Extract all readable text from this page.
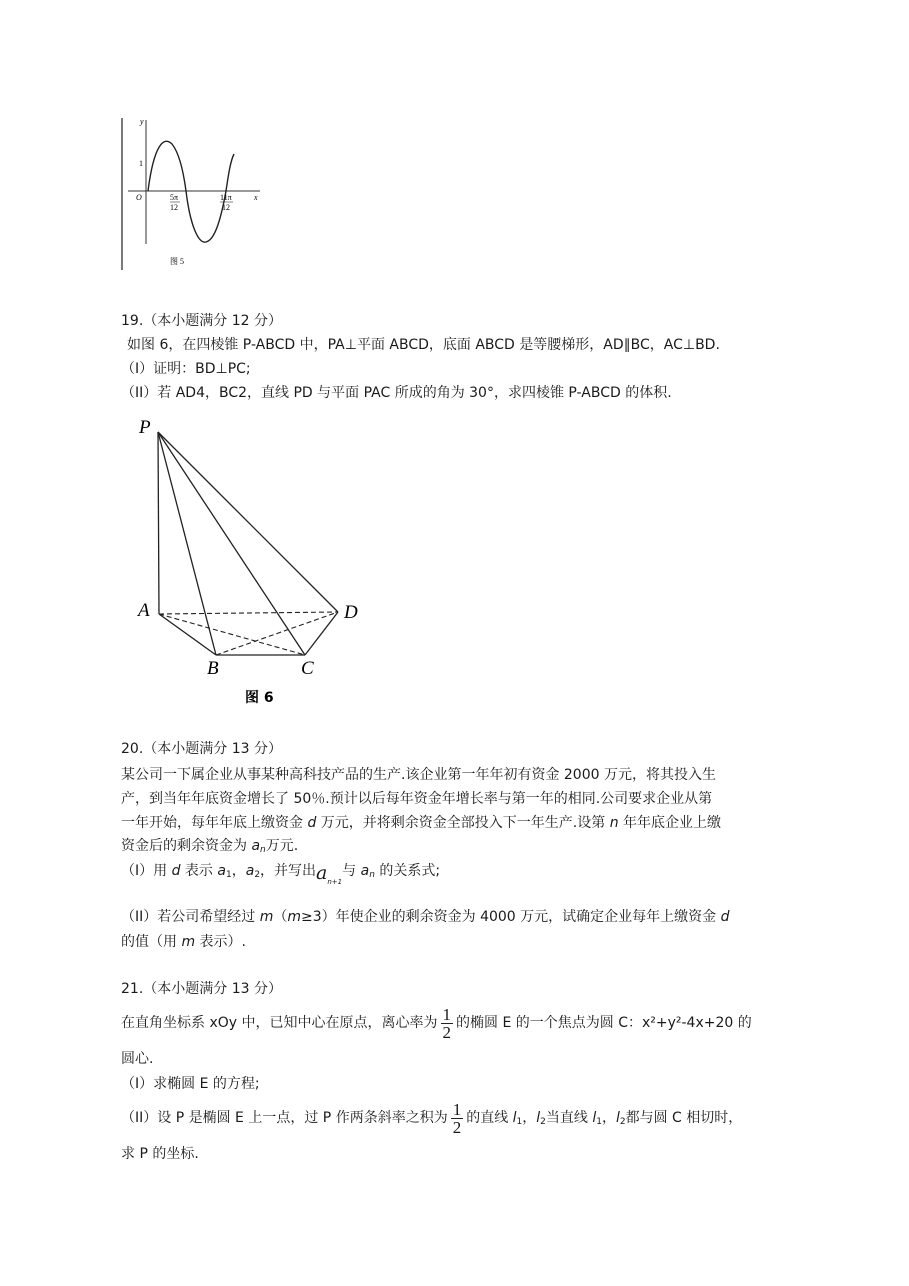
y
1
O	5π
12
11π
12
x
图 5
19.（本小题满分 12 分）
如图 6，在四棱锥 P-ABCD 中，PA⊥平面 ABCD，底面 ABCD 是等腰梯形，AD∥BC，AC⊥BD.
（I）证明：BD⊥PC;
（II）若 AD4，BC2，直线 PD 与平面 PAC 所成的角为 30°，求四棱锥 P-ABCD 的体积.
P
A	D
B	C
图 6
20.（本小题满分 13 分）
某公司一下属企业从事某种高科技产品的生产.该企业第一年年初有资金 2000 万元，将其投入生
产，到当年年底资金增长了 50％.预计以后每年资金年增长率与第一年的相同.公司要求企业从第
一年开始，每年年底上缴资金 d 万元，并将剩余资金全部投入下一年生产.设第 n 年年底企业上缴
资金后的剩余资金为 $a_n$万元.
（I）用 d 表示 $a_1$，$a_2$，并写出$a_{n+1}$与 $a_n$ 的关系式;
（II）若公司希望经过 m（m≥3）年使企业的剩余资金为 4000 万元，试确定企业每年上缴资金 d
的值（用 m 表示）.
21.（本小题满分 13 分）
在直角坐标系 xOy 中，已知中心在原点，离心率为 $\frac{1}{2}$ 的椭圆 E 的一个焦点为圆 C：x²+y²-4x+20 的
圆心.
（I）求椭圆 E 的方程;
（II）设 P 是椭圆 E 上一点，过 P 作两条斜率之积为 $\frac{1}{2}$ 的直线 $l_1$，$l_2$当直线 $l_1$，$l_2$都与圆 C 相切时，
求 P 的坐标.
